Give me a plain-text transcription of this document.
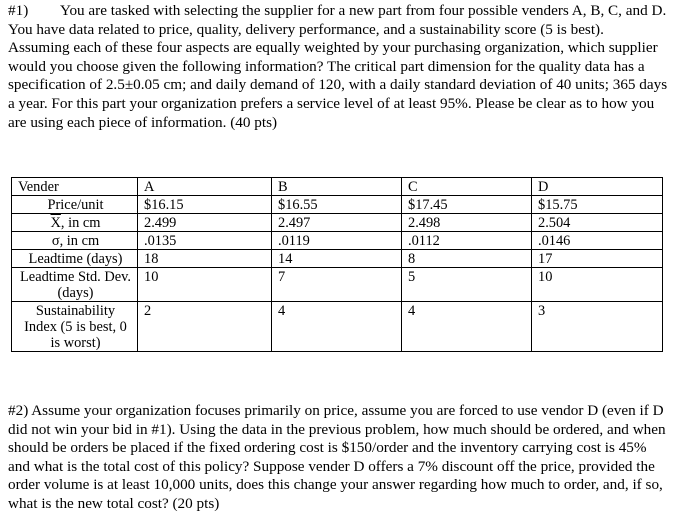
#1) You are tasked with selecting the supplier for a new part from four possible venders A, B, C, and D. You have data related to price, quality, delivery performance, and a sustainability score (5 is best). Assuming each of these four aspects are equally weighted by your purchasing organization, which supplier would you choose given the following information? The critical part dimension for the quality data has a specification of 2.5±0.05 cm; and daily demand of 120, with a daily standard deviation of 40 units; 365 days a year. For this part your organization prefers a service level of at least 95%. Please be clear as to how you are using each piece of information. (40 pts)
Vender	A	B	C	D
Price/unit	$16.15	$16.55	$17.45	$15.75
$\overline{X}$, in cm	2.499	2.497	2.498	2.504
σ, in cm	.0135	.0119	.0112	.0146
Leadtime (days)	18	14	8	17
Leadtime Std. Dev. (days)	10	7	5	10
Sustainability Index (5 is best, 0 is worst)	2	4	4	3
#2) Assume your organization focuses primarily on price, assume you are forced to use vendor D (even if D did not win your bid in #1). Using the data in the previous problem, how much should be ordered, and when should be orders be placed if the fixed ordering cost is $150/order and the inventory carrying cost is 45% and what is the total cost of this policy? Suppose vender D offers a 7% discount off the price, provided the order volume is at least 10,000 units, does this change your answer regarding how much to order, and, if so, what is the new total cost? (20 pts)
